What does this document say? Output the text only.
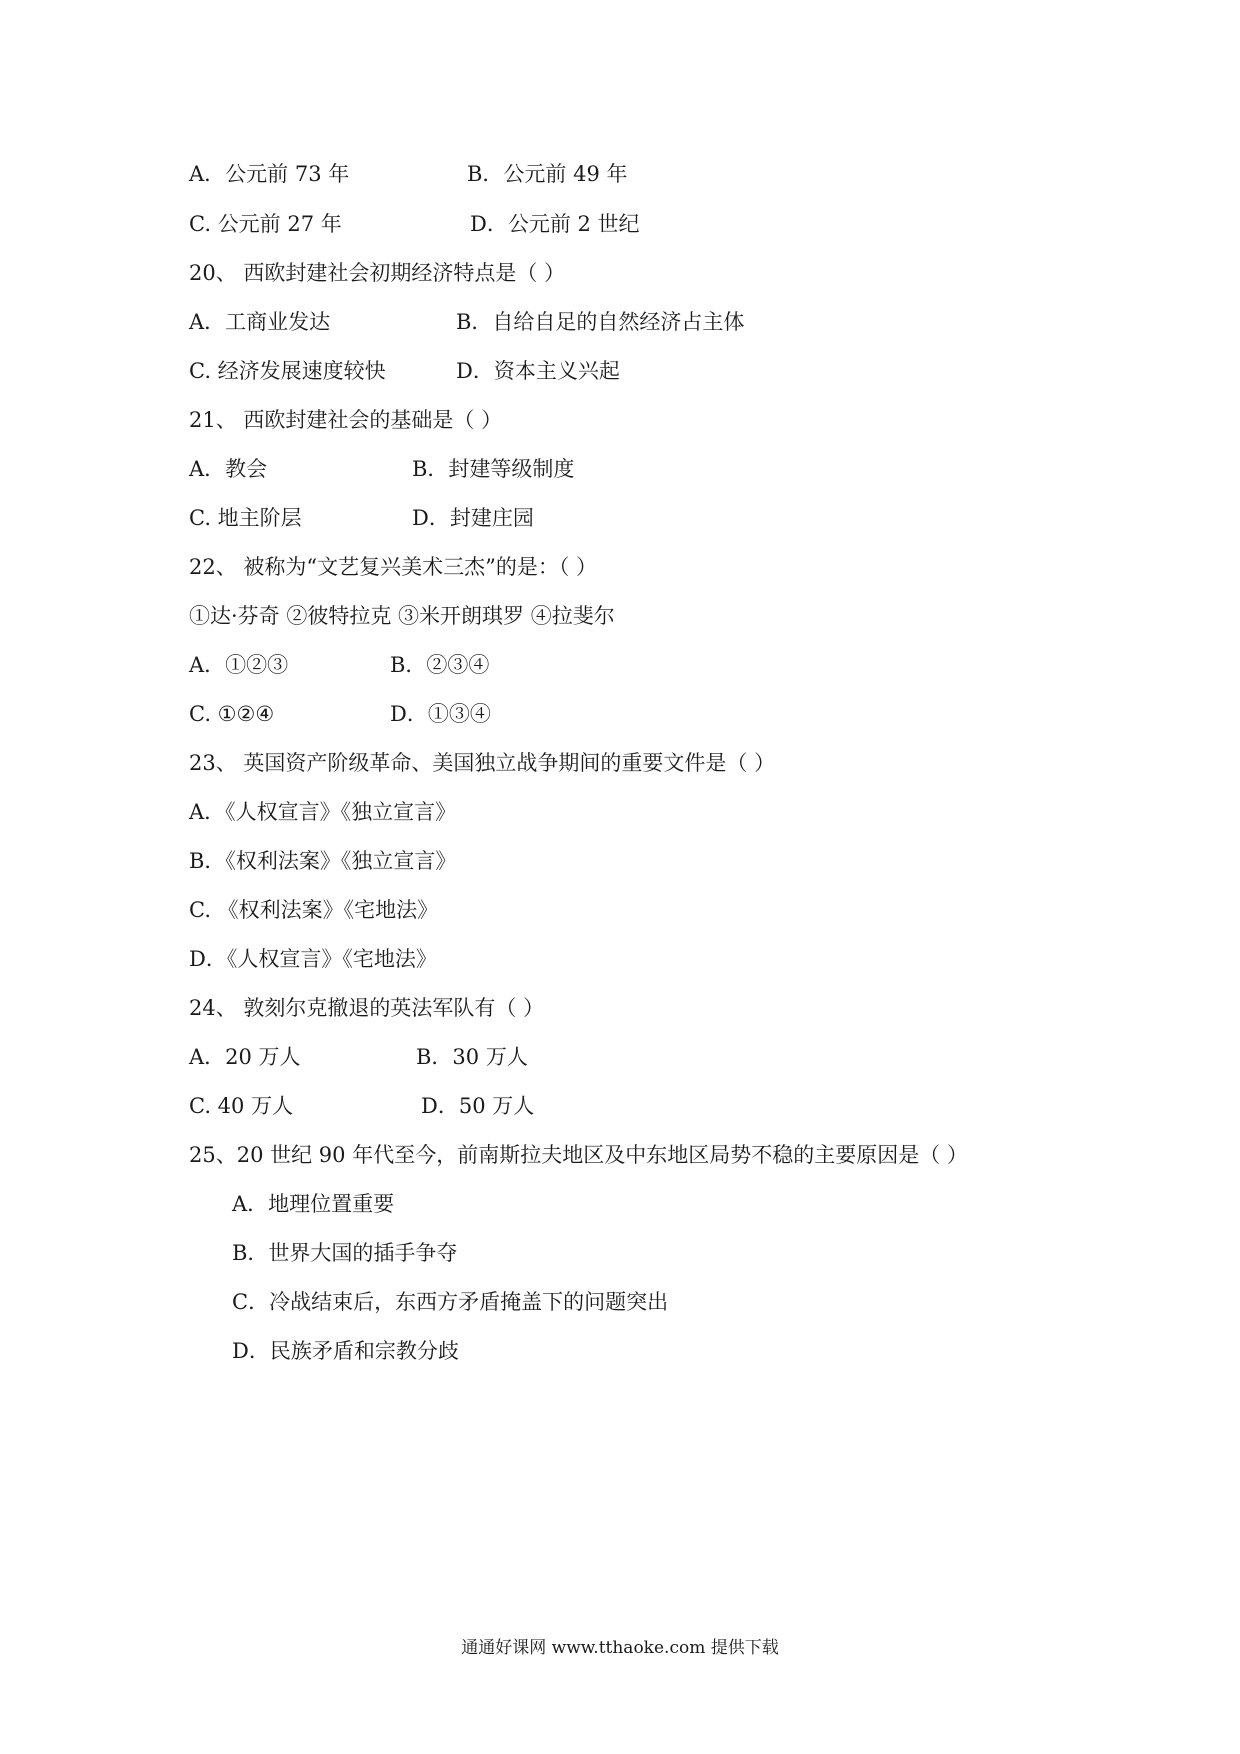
A．公元前 73 年	B．公元前 49 年
C. 公元前 27 年	D．公元前 2 世纪
20、 西欧封建社会初期经济特点是（ ）
A．工商业发达	B．自给自足的自然经济占主体
C. 经济发展速度较快	D．资本主义兴起
21、 西欧封建社会的基础是（ ）
A．教会	B．封建等级制度
C. 地主阶层	D．封建庄园
22、 被称为“文艺复兴美术三杰”的是：（ ）
①达·芬奇 ②彼特拉克 ③米开朗琪罗 ④拉斐尔
A．①②③	B．②③④
C. ①②④	D．①③④
23、 英国资产阶级革命、美国独立战争期间的重要文件是（ ）
A．《人权宣言》《独立宣言》
B．《权利法案》《独立宣言》
C. 《权利法案》《宅地法》
D．《人权宣言》《宅地法》
24、 敦刻尔克撤退的英法军队有（ ）
A．20 万人	B．30 万人
C. 40 万人	D．50 万人
25、20 世纪 90 年代至今，前南斯拉夫地区及中东地区局势不稳的主要原因是（ ）
A．地理位置重要
B．世界大国的插手争夺
C．冷战结束后，东西方矛盾掩盖下的问题突出
D．民族矛盾和宗教分歧
通通好课网 www.tthaoke.com 提供下载
